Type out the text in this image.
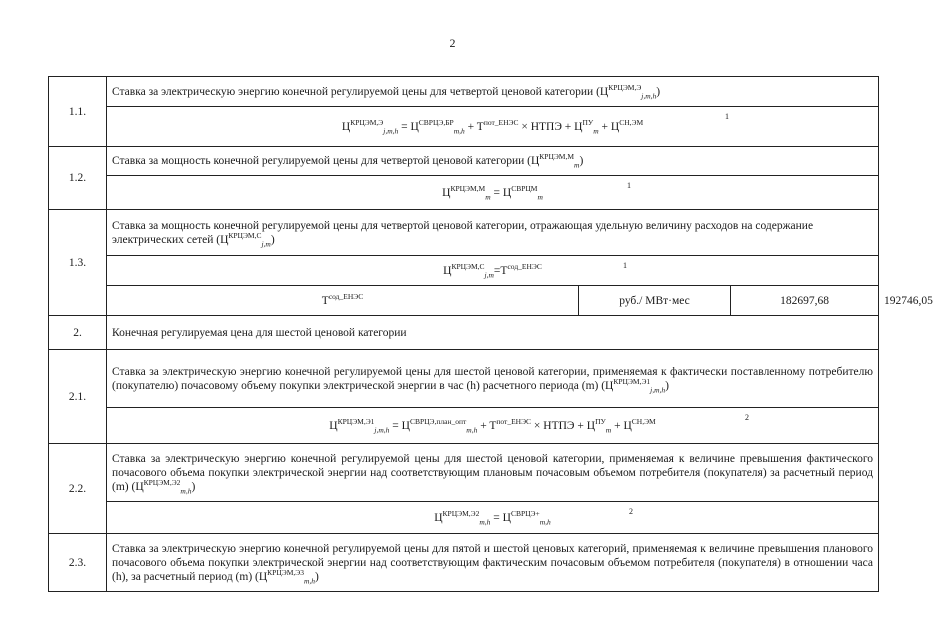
2
1.1.	Ставка за электрическую энергию конечной регулируемой цены для четвертой ценовой категории $(Ц^{КРЦЭМ,Э}_{j,m,h})$			
	$Ц^{КРЦЭМ,Э}_{j,m,h} = Ц^{СВРЦЭ,БР}_{m,h} + T^{пот\_ЕНЭС}$ × НТПЭ + $Ц^{ПУ}_m + Ц^{СН,ЭМ}$
1			

1.2.	Ставка за мощность конечной регулируемой цены для четвертой ценовой категории $(Ц^{КРЦЭМ,М}_m)$			
	$Ц^{КРЦЭМ,М}_m = Ц^{СВРЦМ}_m$
1			

1.3.	Ставка за мощность конечной регулируемой цены для четвертой ценовой категории, отражающая удельную величину расходов на содержание электрических сетей $(Ц^{КРЦЭМ,С}_{j,m})$			
	$Ц^{КРЦЭМ,С}_{j,m}=T^{сод\_ЕНЭС}$ 1			

	$T^{сод\_ЕНЭС}$	руб./ МВт·мес	182697,68	192746,05
2.	Конечная регулируемая цена для шестой ценовой категории			
2.1.	Ставка за электрическую энергию конечной регулируемой цены для шестой ценовой категории, применяемая к фактически поставленному потребителю (покупателю) почасовому объему покупки электрической энергии в час (h) расчетного периода (m) $(Ц^{КРЦЭМ,Э1}_{j,m,h})$			
	$Ц^{КРЦЭМ,Э1}_{j,m,h} = Ц^{СВРЦЭ,план\_опт}_{m,h} + T^{пот\_ЕНЭС}$ × НТПЭ + $Ц^{ПУ}_m + Ц^{СН,ЭМ}$ 2			

2.2.	Ставка за электрическую энергию конечной регулируемой цены для шестой ценовой категории, применяемая к величине превышения фактического почасового объема покупки электрической энергии над соответствующим плановым почасовым объемом потребителя (покупателя) за расчетный период (m) $(Ц^{КРЦЭМ,Э2}_{m,h})$			
	$Ц^{КРЦЭМ,Э2}_{m,h} = Ц^{СВРЦЭ+}_{m,h}$
2			

2.3.	Ставка за электрическую энергию конечной регулируемой цены для пятой и шестой ценовых категорий, применяемая к величине превышения планового почасового объема покупки электрической энергии над соответствующим фактическим почасовым объемом потребителя (покупателя) в отношении часа (h), за расчетный период (m) $(Ц^{КРЦЭМ,Э3}_{m,h})$			
